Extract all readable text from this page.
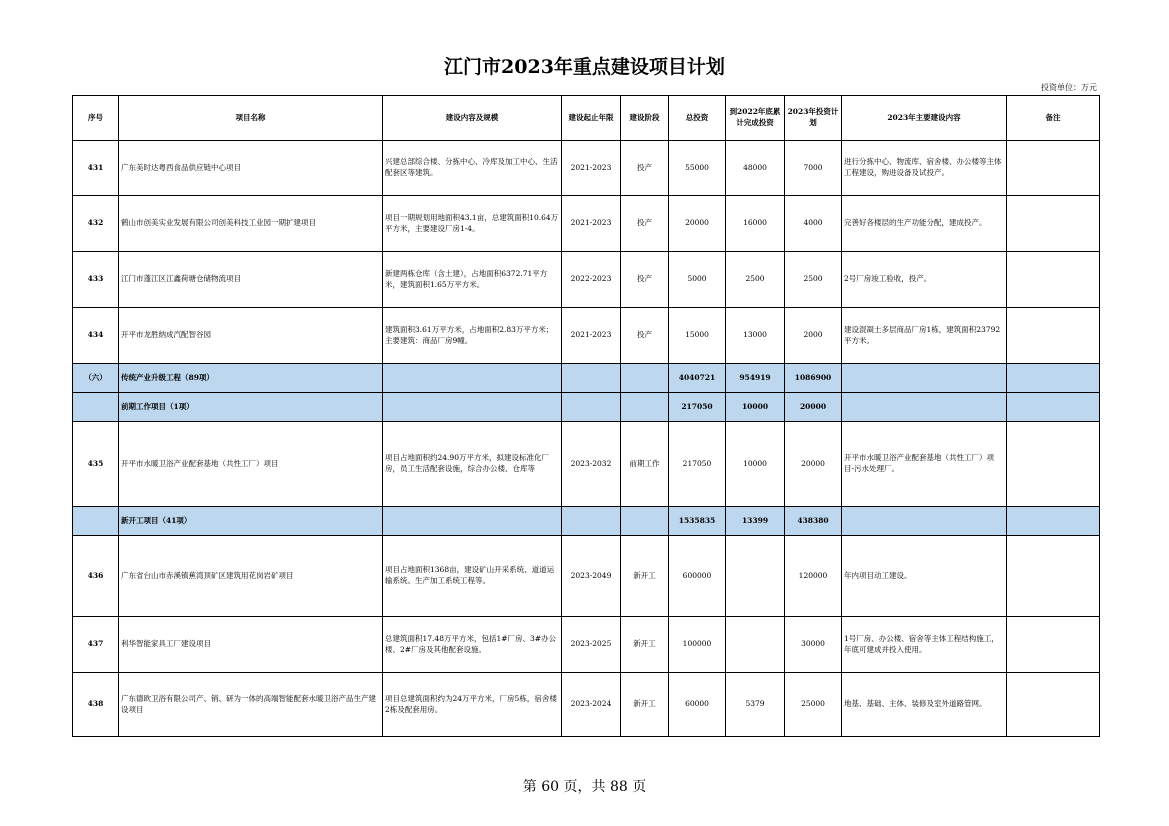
江门市2023年重点建设项目计划
投资单位：万元
序号	项目名称	建设内容及规模	建设起止年限	建设阶段	总投资	到2022年底累计完成投资	2023年投资计划	2023年主要建设内容	备注
431	广东美时达粤西食品供应链中心项目	兴建总部综合楼、分拣中心、冷库及加工中心、生活配套区等建筑。	2021-2023	投产	55000	48000	7000	进行分拣中心、物流库、宿舍楼、办公楼等主体工程建设，购进设备及试投产。	
432	鹤山市创美实业发展有限公司创美科技工业园一期扩建项目	项目一期规划用地面积43.1亩，总建筑面积10.64万平方米，主要建设厂房1-4。	2021-2023	投产	20000	16000	4000	完善好各楼层的生产功能分配，建成投产。	
433	江门市蓬江区江鑫荷塘仓储物流项目	新建两栋仓库（含土建），占地面积6372.71平方米，建筑面积1.65万平方米。	2022-2023	投产	5000	2500	2500	2号厂房竣工验收，投产。	
434	开平市龙胜纳成汽配智谷园	建筑面积3.61万平方米，占地面积2.83万平方米；主要建筑：商品厂房9幢。	2021-2023	投产	15000	13000	2000	建设混凝土多层商品厂房1栋，建筑面积23792平方米。	
（六）	传统产业升级工程（89项）				4040721	954919	1086900		
	前期工作项目（1项）				217050	10000	20000		
435	开平市水暖卫浴产业配套基地（共性工厂）项目	项目占地面积约24.90万平方米，拟建设标准化厂房，员工生活配套设施，综合办公楼、仓库等	2023-2032	前期工作	217050	10000	20000	开平市水暖卫浴产业配套基地（共性工厂）项目-污水处理厂。	
	新开工项目（41项）				1535835	13399	438380		
436	广东省台山市赤溪镇蕉湾顶矿区建筑用花岗岩矿项目	项目占地面积1368亩，建设矿山开采系统、道道运输系统、生产加工系统工程等。	2023-2049	新开工	600000		120000	年内项目动工建设。	
437	利华智能家具工厂建设项目	总建筑面积17.48万平方米，包括1#厂房、3#办公楼、2#厂房及其他配套设施。	2023-2025	新开工	100000		30000	1号厂房、办公楼、宿舍等主体工程结构施工，年底可建成并投入使用。	
438	广东德欧卫浴有限公司产、销、研为一体的高端智能配套水暖卫浴产品生产建设项目	项目总建筑面积约为24万平方米，厂房5栋，宿舍楼2栋及配套用房。	2023-2024	新开工	60000	5379	25000	地基、基础、主体、装修及室外道路管网。	
第 60 页，共 88 页
